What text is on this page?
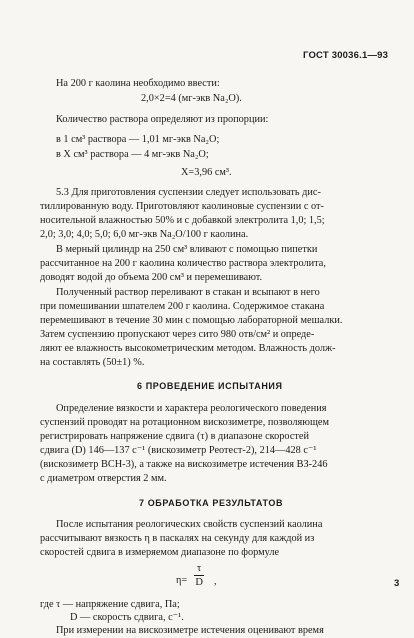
ГОСТ 30036.1—93
На 200 г каолина необходимо ввести:
2,0×2=4 (мг-экв Na₂O).
Количество раствора определяют из пропорции:
в 1 см³ раствора — 1,01 мг-экв Na₂O;
в X см³ раствора — 4 мг-экв Na₂O;
X=3,96 см³.
5.3 Для приготовления суспензии следует использовать дис-
тиллированную воду. Приготовляют каолиновые суспензии с от-
носительной влажностью 50% и с добавкой электролита 1,0; 1,5;
2,0; 3,0; 4,0; 5,0; 6,0 мг-экв Na₂O/100 г каолина.
В мерный цилиндр на 250 см³ вливают с помощью пипетки
рассчитанное на 200 г каолина количество раствора электролита,
доводят водой до объема 200 см³ и перемешивают.
Полученный раствор переливают в стакан и всыпают в него
при помешивании шпателем 200 г каолина. Содержимое стакана
перемешивают в течение 30 мин с помощью лабораторной мешалки.
Затем суспензию пропускают через сито 980 отв/см² и опреде-
ляют ее влажность высокометрическим методом. Влажность долж-
на составлять (50±1) %.
6 ПРОВЕДЕНИЕ ИСПЫТАНИЯ
Определение вязкости и характера реологического поведения
суспензий проводят на ротационном вискозиметре, позволяющем
регистрировать напряжение сдвига (τ) в диапазоне скоростей
сдвига (D) 146—137 с⁻¹ (вискозиметр Реотест-2), 214—428 с⁻¹
(вискозиметр ВСН-3), а также на вискозиметре истечения ВЗ-246
с диаметром отверстия 2 мм.
7 ОБРАБОТКА РЕЗУЛЬТАТОВ
После испытания реологических свойств суспензий каолина
рассчитывают вязкость η в паскалях на секунду для каждой из
скоростей сдвига в измеряемом диапазоне по формуле
$\eta= \frac{\tau}{D}$ ,
где τ — напряжение сдвига, Па;
D — скорость сдвига, с⁻¹.
При измерении на вискозиметре истечения оценивают время
3
